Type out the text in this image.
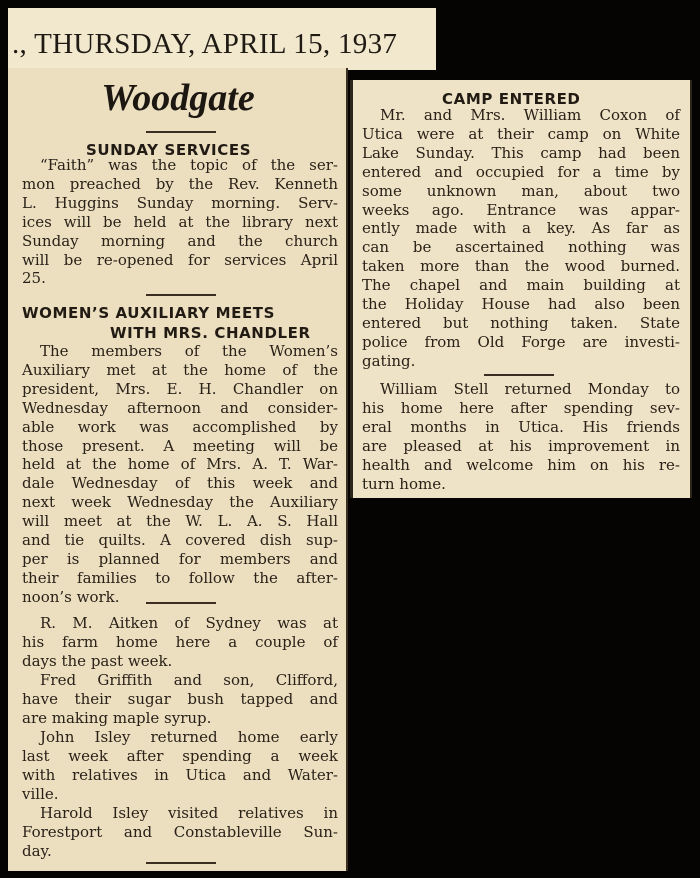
., THURSDAY, APRIL 15, 1937
Woodgate
SUNDAY SERVICES
“Faith” was the topic of the ser-
mon preached by the Rev. Kenneth
L. Huggins Sunday morning. Serv-
ices will be held at the library next
Sunday morning and the church
will be re-opened for services April
25.
WOMEN’S AUXILIARY MEETS
WITH MRS. CHANDLER
The members of the Women’s
Auxiliary met at the home of the
president, Mrs. E. H. Chandler on
Wednesday afternoon and consider-
able work was accomplished by
those present. A meeting will be
held at the home of Mrs. A. T. War-
dale Wednesday of this week and
next week Wednesday the Auxiliary
will meet at the W. L. A. S. Hall
and tie quilts. A covered dish sup-
per is planned for members and
their families to follow the after-
noon’s work.
R. M. Aitken of Sydney was at
his farm home here a couple of
days the past week.
Fred Griffith and son, Clifford,
have their sugar bush tapped and
are making maple syrup.
John Isley returned home early
last week after spending a week
with relatives in Utica and Water-
ville.
Harold Isley visited relatives in
Forestport and Constableville Sun-
day.
CAMP ENTERED
Mr. and Mrs. William Coxon of
Utica were at their camp on White
Lake Sunday. This camp had been
entered and occupied for a time by
some unknown man, about two
weeks ago. Entrance was appar-
ently made with a key. As far as
can be ascertained nothing was
taken more than the wood burned.
The chapel and main building at
the Holiday House had also been
entered but nothing taken. State
police from Old Forge are investi-
gating.
William Stell returned Monday to
his home here after spending sev-
eral months in Utica. His friends
are pleased at his improvement in
health and welcome him on his re-
turn home.
